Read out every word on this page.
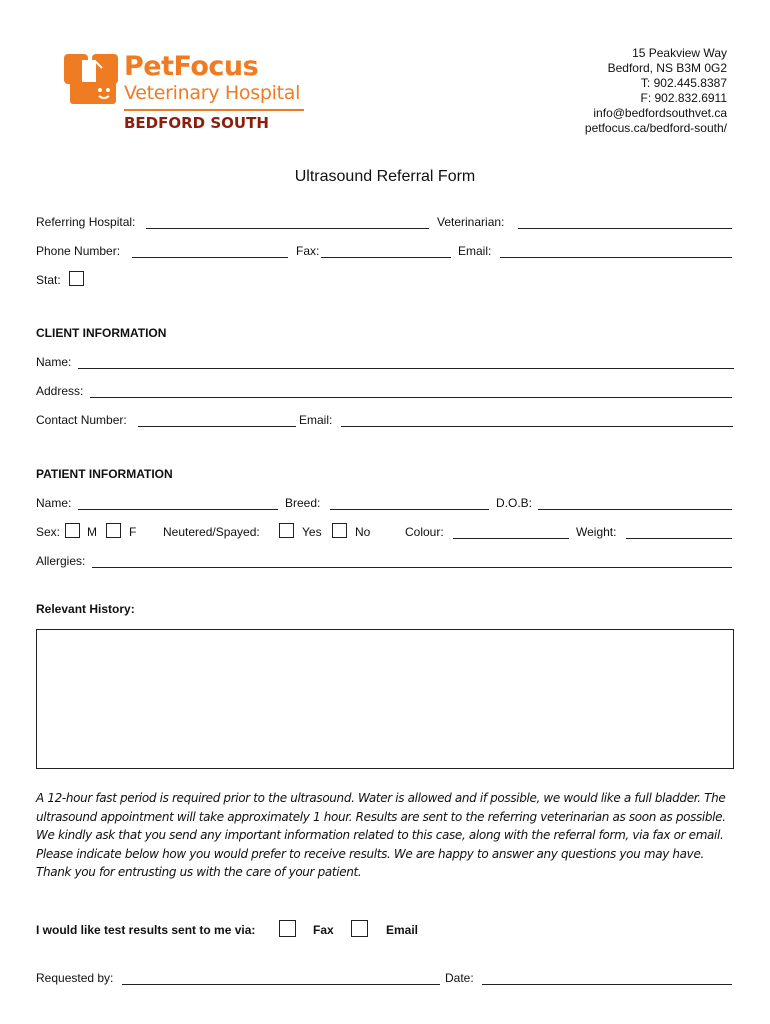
PetFocus
Veterinary Hospital
BEDFORD SOUTH
15 Peakview Way
Bedford, NS B3M 0G2
T: 902.445.8387
F: 902.832.6911
info@bedfordsouthvet.ca
petfocus.ca/bedford-south/
Ultrasound Referral Form
Referring Hospital:	Veterinarian:
Phone Number:	Fax:	Email:
Stat:
CLIENT INFORMATION
Name:
Address:
Contact Number:	Email:
PATIENT INFORMATION
Name:	Breed:	D.O.B:
Sex: M	F Neutered/Spayed:	Yes	No	Colour:	Weight:
Allergies:
Relevant History:
A 12-hour fast period is required prior to the ultrasound. Water is allowed and if possible, we would like a full bladder. The
ultrasound appointment will take approximately 1 hour. Results are sent to the referring veterinarian as soon as possible.
We kindly ask that you send any important information related to this case, along with the referral form, via fax or email.
Please indicate below how you would prefer to receive results. We are happy to answer any questions you may have.
Thank you for entrusting us with the care of your patient.
I would like test results sent to me via:	Fax	Email
Requested by:	Date:
